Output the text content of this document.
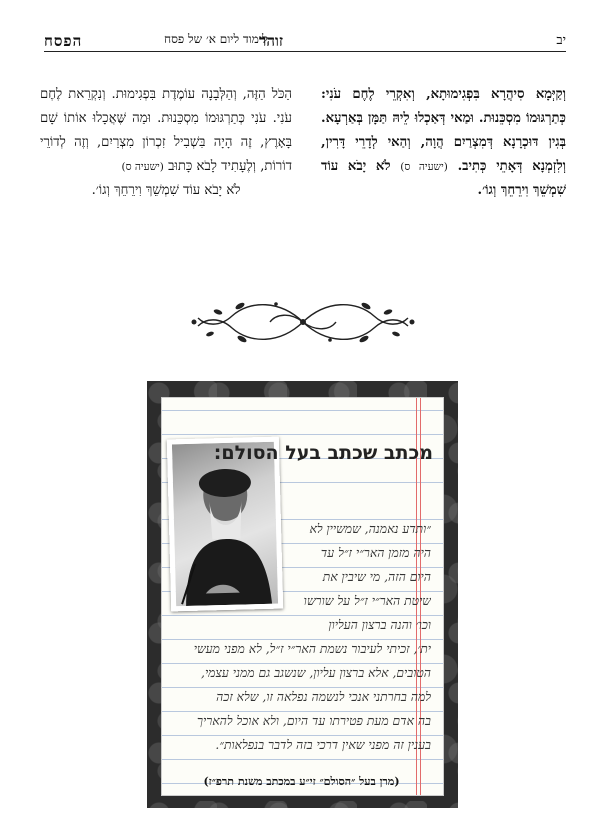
יב
זוהר
לימוד ליום א׳ של פסח
הפסח
וְקַיְּמָא סִיהֲרָא בִּפְגִימוּתָא, וְאִקְרֵי לֶחֶם עֹנִי: כְּתַרְגּוּמוֹ מִסְכֵּנוּת. וּמַאי דְּאַכְלוּ לֵיהּ תַּמָּן בְּאַרְעָא. בְּגִין דּוּכְרָנָא דְּמִצְרַיִם הֲוָה, וְהַאי לְדָרֵי דָּרִין, וְלִזְמְנָא דְּאָתֵי כְּתִיב. (ישעיה ס) לֹא יָבֹא עוֹד שִׁמְשֵׁךְ וִירֵחֵךְ וְגוֹ׳.
הַכֹּל הַזֶּה, וְהַלְּבָנָה עוֹמֶדֶת בִּפְגִימוּת. וְנִקְרֵאת לֶחֶם עֹנִי. עֹנִי כְּתַרְגּוּמוֹ מִסְכֵּנוּת. וּמַה שֶּׁאֲכָלוּ אוֹתוֹ שָׁם בָּאָרֶץ, זֶה הָיָה בִּשְׁבִיל זִכְרוֹן מִצְרַיִם, וְזֶה לְדוֹרֵי דוֹרוֹת, וְלֶעָתִיד לָבֹא כָּתוּב (ישעיה ס)
לֹא יָבֹא עוֹד שִׁמְשֵׁךְ וִירֵחֵךְ וְגוֹ׳.
מכתב שכתב בעל הסולם:
״ותדע נאמנה, שמשיין לא
היה מזמן האר״י ז״ל עד
היום הזה, מי שיבין את
שיטת האר״י ז״ל על שורשו
וכו׳ והנה ברצון העליון
ית׳, זכיתי לעיבור נשמת האר״י ז״ל, לא מפני מעשי
הטובים, אלא ברצון עליון, שנשגב גם ממני עצמי,
למה בחרתני אנכי לנשמה נפלאה זו, שלא זכה
בה אדם מעת פטירתו עד היום, ולא אוכל להאריך
בענין זה מפני שאין דרכי בזה לדבר בנפלאות״.
(מרן בעל ״הסולם״ זי״ע במכתב משנת תרפ״ז)
